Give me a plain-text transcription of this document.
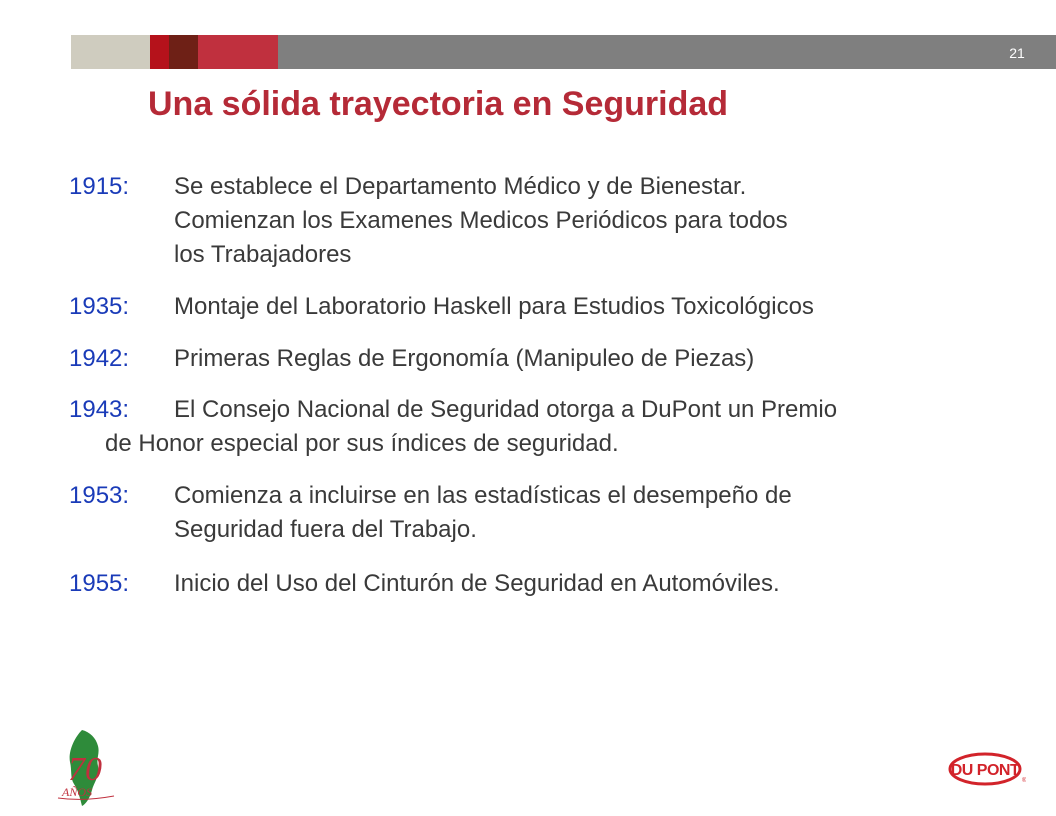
21
Una sólida trayectoria en Seguridad
1915:	Se establece el Departamento Médico y de Bienestar.
Comienzan los Examenes Medicos Periódicos para todos
los Trabajadores
1935:	Montaje del Laboratorio Haskell para Estudios Toxicológicos
1942:	Primeras Reglas de Ergonomía (Manipuleo de Piezas)
1943:	El Consejo Nacional de Seguridad otorga a DuPont un Premio
de Honor especial por sus índices de seguridad.
1953:	Comienza a incluirse en las estadísticas el desempeño de
Seguridad fuera del Trabajo.
1955:	Inicio del Uso del Cinturón de Seguridad en Automóviles.
70
AÑOS
DU PONT
®
